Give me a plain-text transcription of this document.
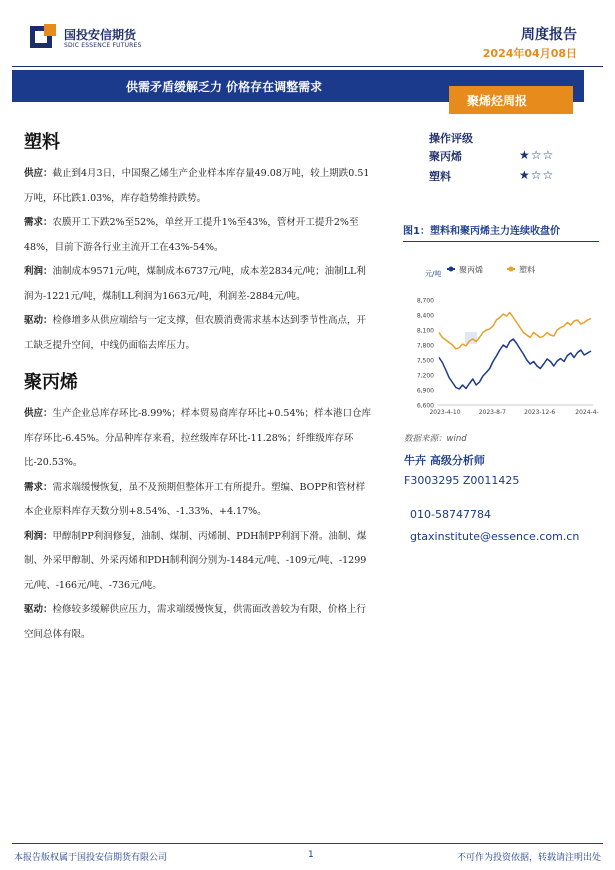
国投安信期货
SDIC ESSENCE FUTURES
周度报告
2024年04月08日
供需矛盾缓解乏力 价格存在调整需求
聚烯烃周报
塑料

供应：截止到4月3日，中国聚乙烯生产企业样本库存量49.08万吨，较上期跌0.51万吨，环比跌1.03%，库存趋势维持跌势。

需求：农膜开工下跌2%至52%，单丝开工提升1%至43%，管材开工提升2%至48%，目前下游各行业主流开工在43%-54%。

利润：油制成本9571元/吨，煤制成本6737元/吨，成本差2834元/吨；油制LL利润为-1221元/吨，煤制LL利润为1663元/吨，利润差-2884元/吨。

驱动：检修增多从供应端给与一定支撑，但农膜消费需求基本达到季节性高点，开工缺乏提升空间，中线仍面临去库压力。

聚丙烯

供应：生产企业总库存环比-8.99%；样本贸易商库存环比+0.54%；样本港口仓库库存环比-6.45%。分品种库存来看，拉丝级库存环比-11.28%；纤维级库存环比-20.53%。

需求：需求端缓慢恢复，虽不及预期但整体开工有所提升。塑编、BOPP和管材样本企业原料库存天数分别+8.54%、-1.33%、+4.17%。

利润：甲醇制PP利润修复，油制、煤制、丙烯制、PDH制PP利润下滑。油制、煤制、外采甲醇制、外采丙烯和PDH制利润分别为-1484元/吨、-109元/吨、-1299元/吨、-166元/吨、-736元/吨。

驱动：检修较多缓解供应压力，需求端缓慢恢复，供需面改善较为有限，价格上行空间总体有限。

操作评级
聚丙烯	★☆☆
塑料	★☆☆
图1：塑料和聚丙烯主力连续收盘价
聚丙烯	塑料
元/吨
6,600
6,900
7,200
7,500
7,800
8,100
8,400
8,700
2023-4-10	2023-8-7	2023-12-6	2024-4-
数据来源：wind
牛卉 高级分析师
F3003295 Z0011425
010-58747784
gtaxinstitute@essence.com.cn
本报告版权属于国投安信期货有限公司	1	不可作为投资依据，转载请注明出处
